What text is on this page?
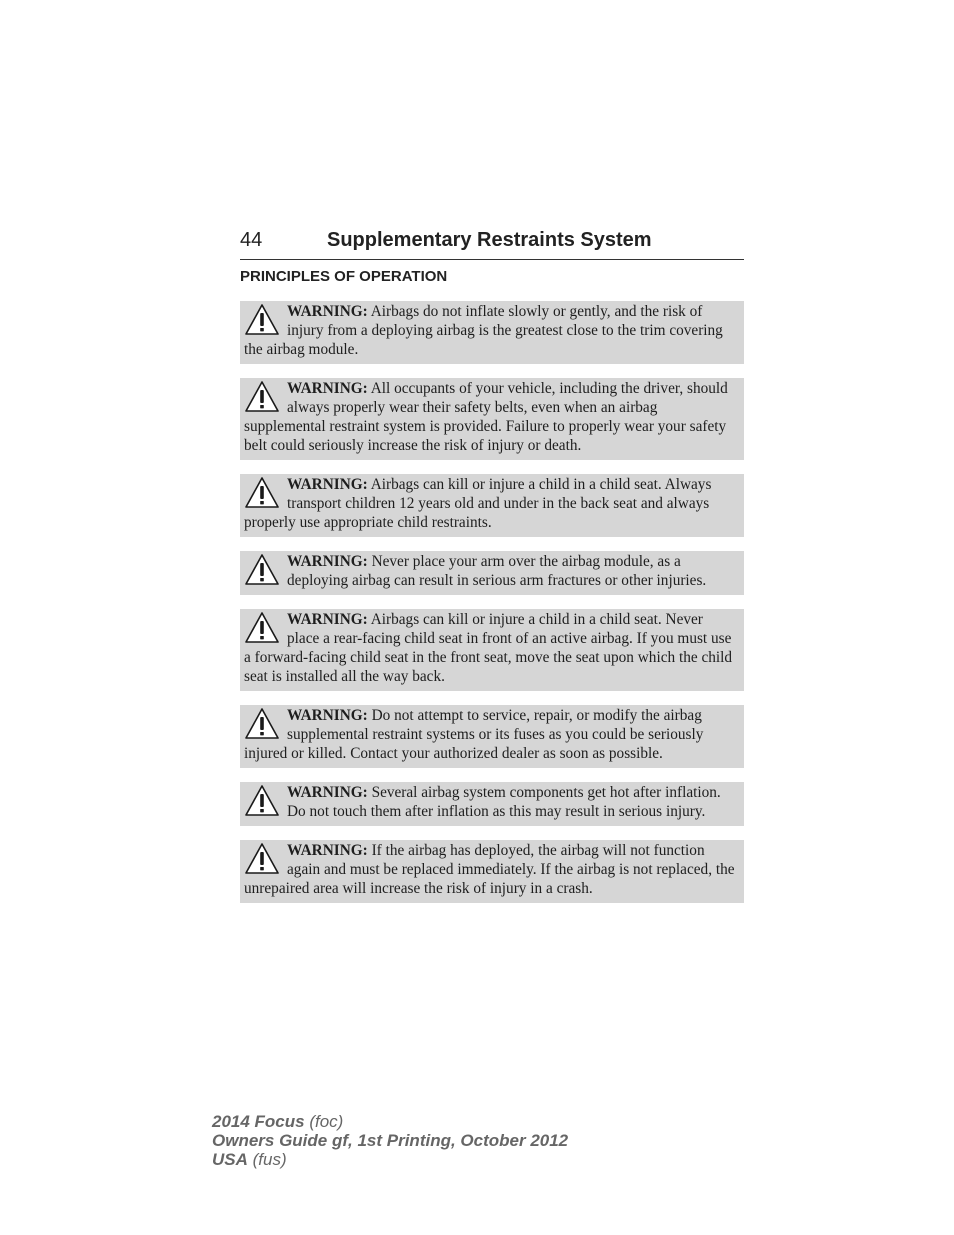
44	Supplementary Restraints System
PRINCIPLES OF OPERATION
WARNING: Airbags do not inflate slowly or gently, and the risk of injury from a deploying airbag is the greatest close to the trim covering the airbag module.
WARNING: All occupants of your vehicle, including the driver, should always properly wear their safety belts, even when an airbag supplemental restraint system is provided. Failure to properly wear your safety belt could seriously increase the risk of injury or death.
WARNING: Airbags can kill or injure a child in a child seat. Always transport children 12 years old and under in the back seat and always properly use appropriate child restraints.
WARNING: Never place your arm over the airbag module, as a deploying airbag can result in serious arm fractures or other injuries.
WARNING: Airbags can kill or injure a child in a child seat. Never place a rear-facing child seat in front of an active airbag. If you must use a forward-facing child seat in the front seat, move the seat upon which the child seat is installed all the way back.
WARNING: Do not attempt to service, repair, or modify the airbag supplemental restraint systems or its fuses as you could be seriously injured or killed. Contact your authorized dealer as soon as possible.
WARNING: Several airbag system components get hot after inflation. Do not touch them after inflation as this may result in serious injury.
WARNING: If the airbag has deployed, the airbag will not function again and must be replaced immediately. If the airbag is not replaced, the unrepaired area will increase the risk of injury in a crash.
2014 Focus (foc)
Owners Guide gf, 1st Printing, October 2012
USA (fus)
